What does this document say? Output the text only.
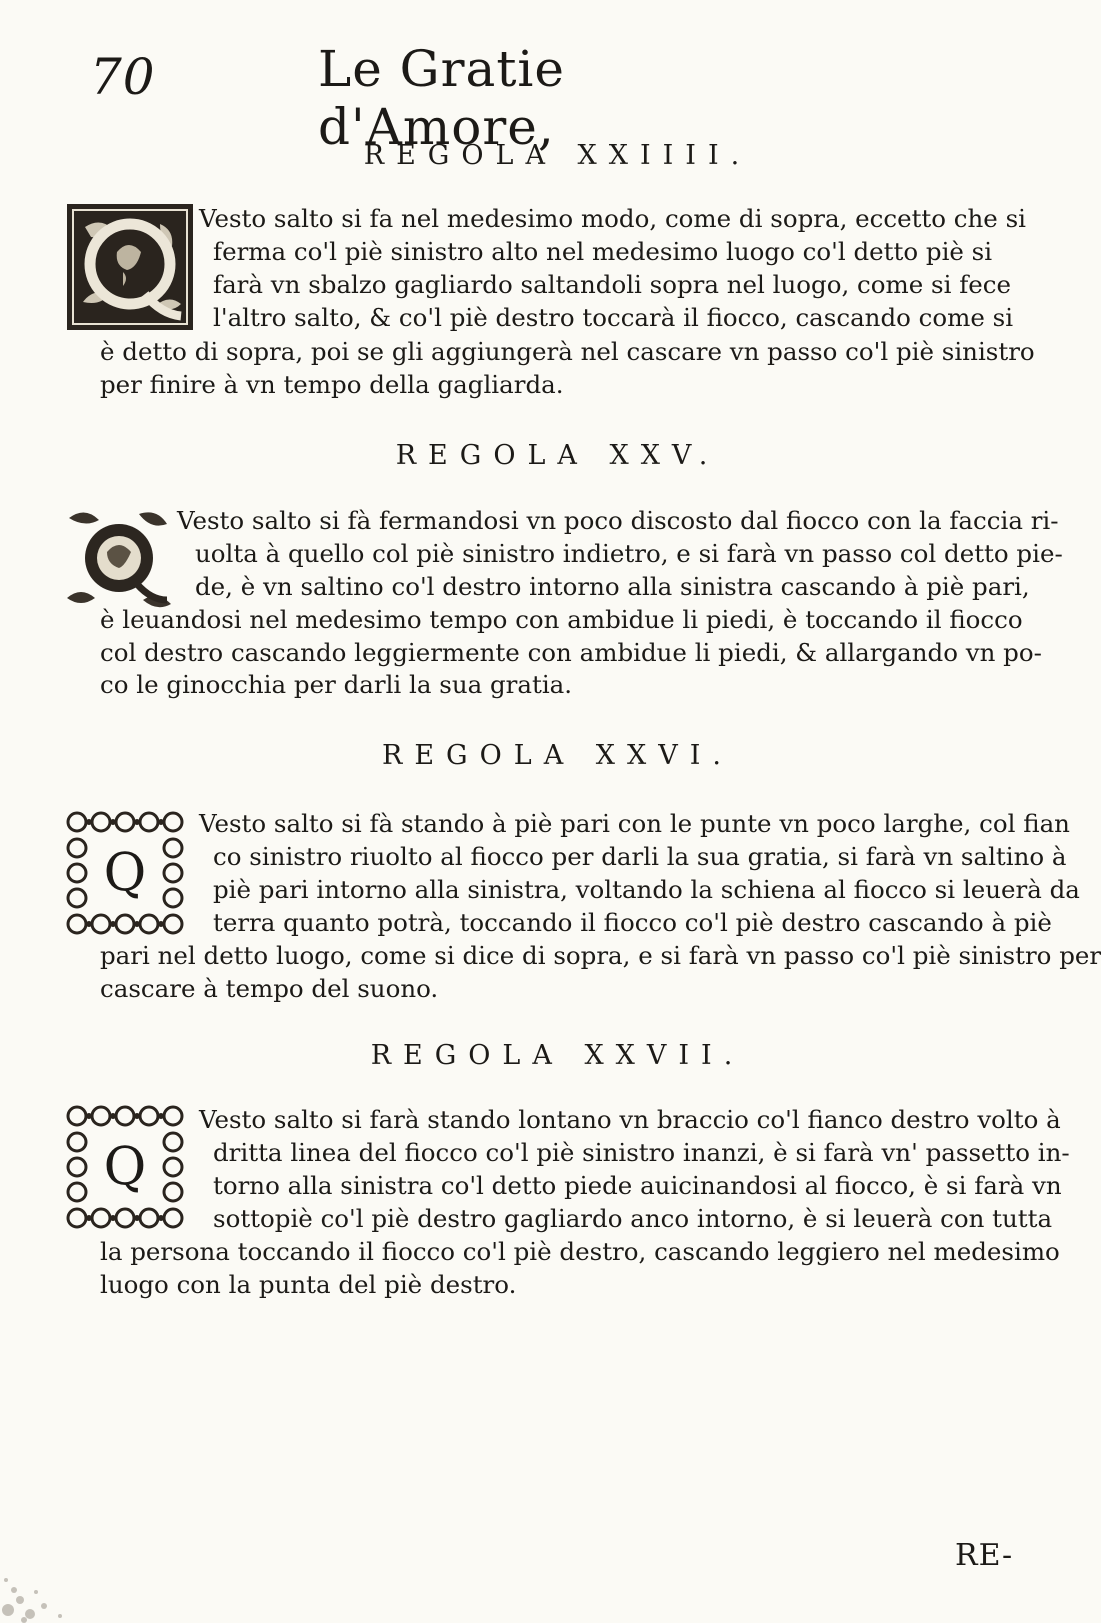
70	Le Gratie d'Amore,
REGOLA XXIIII.
Vesto salto si fa nel medesimo modo, come di sopra, eccetto che si
ferma co'l piè sinistro alto nel medesimo luogo co'l detto piè si
farà vn sbalzo gagliardo saltandoli sopra nel luogo, come si fece
l'altro salto, & co'l piè destro toccarà il fiocco, cascando come si
è detto di sopra, poi se gli aggiungerà nel cascare vn passo co'l piè sinistro
per finire à vn tempo della gagliarda.
REGOLA XXV.
Vesto salto si fà fermandosi vn poco discosto dal fiocco con la faccia ri-
uolta à quello col piè sinistro indietro, e si farà vn passo col detto pie-
de, è vn saltino co'l destro intorno alla sinistra cascando à piè pari,
è leuandosi nel medesimo tempo con ambidue li piedi, è toccando il fiocco
col destro cascando leggiermente con ambidue li piedi, & allargando vn po-
co le ginocchia per darli la sua gratia.
REGOLA XXVI.
Q
Vesto salto si fà stando à piè pari con le punte vn poco larghe, col fian
co sinistro riuolto al fiocco per darli la sua gratia, si farà vn saltino à
piè pari intorno alla sinistra, voltando la schiena al fiocco si leuerà da
terra quanto potrà, toccando il fiocco co'l piè destro cascando à piè
pari nel detto luogo, come si dice di sopra, e si farà vn passo co'l piè sinistro per
cascare à tempo del suono.
REGOLA XXVII.
Q
Vesto salto si farà stando lontano vn braccio co'l fianco destro volto à
dritta linea del fiocco co'l piè sinistro inanzi, è si farà vn' passetto in-
torno alla sinistra co'l detto piede auicinandosi al fiocco, è si farà vn
sottopiè co'l piè destro gagliardo anco intorno, è si leuerà con tutta
la persona toccando il fiocco co'l piè destro, cascando leggiero nel medesimo
luogo con la punta del piè destro.
RE-
